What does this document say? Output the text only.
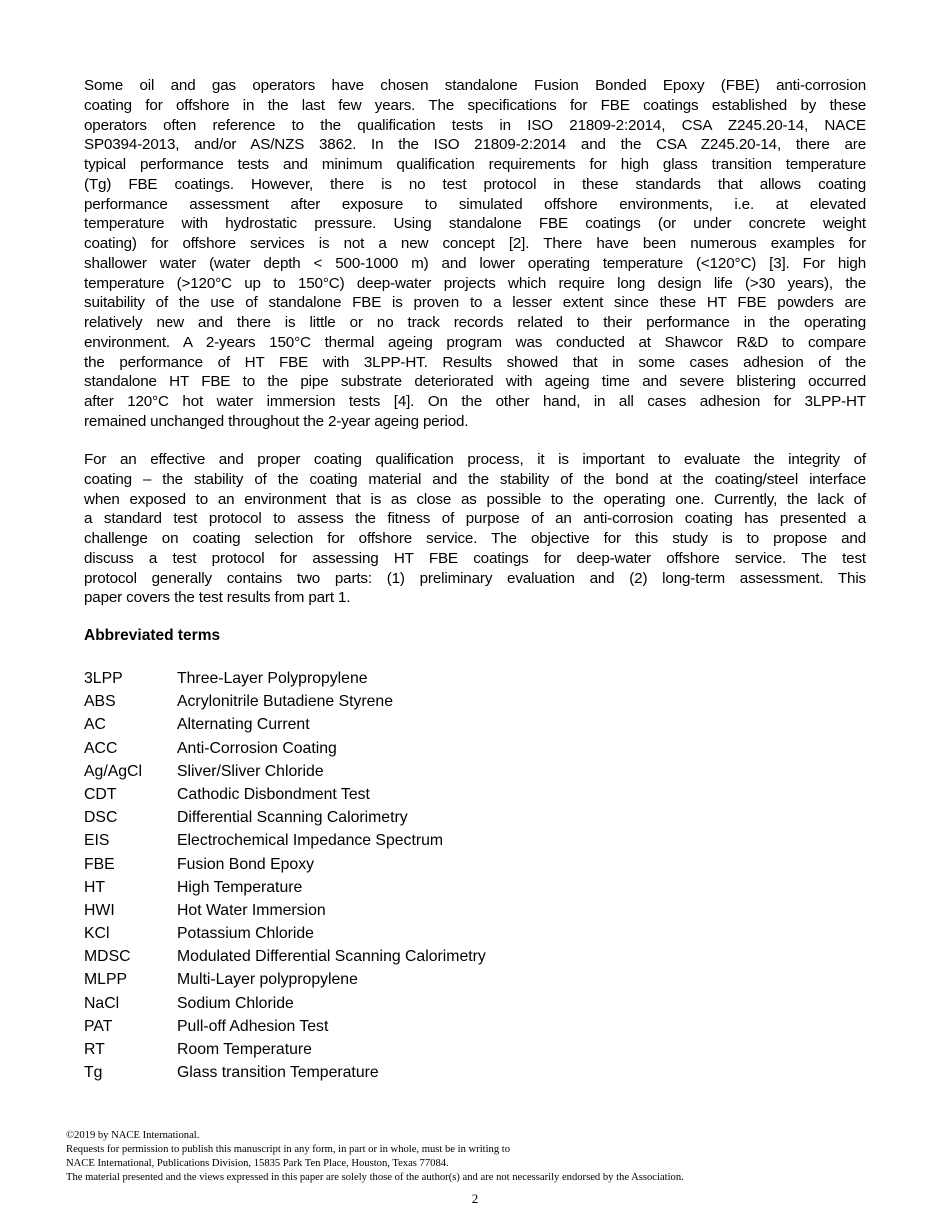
Some oil and gas operators have chosen standalone Fusion Bonded Epoxy (FBE) anti-corrosion
coating for offshore in the last few years. The specifications for FBE coatings established by these
operators often reference to the qualification tests in ISO 21809-2:2014, CSA Z245.20-14, NACE
SP0394-2013, and/or AS/NZS 3862. In the ISO 21809-2:2014 and the CSA Z245.20-14, there are
typical performance tests and minimum qualification requirements for high glass transition temperature
(Tg) FBE coatings. However, there is no test protocol in these standards that allows coating
performance assessment after exposure to simulated offshore environments, i.e. at elevated
temperature with hydrostatic pressure. Using standalone FBE coatings (or under concrete weight
coating) for offshore services is not a new concept [2]. There have been numerous examples for
shallower water (water depth < 500-1000 m) and lower operating temperature (<120°C) [3]. For high
temperature (>120°C up to 150°C) deep-water projects which require long design life (>30 years), the
suitability of the use of standalone FBE is proven to a lesser extent since these HT FBE powders are
relatively new and there is little or no track records related to their performance in the operating
environment. A 2-years 150°C thermal ageing program was conducted at Shawcor R&D to compare
the performance of HT FBE with 3LPP-HT. Results showed that in some cases adhesion of the
standalone HT FBE to the pipe substrate deteriorated with ageing time and severe blistering occurred
after 120°C hot water immersion tests [4]. On the other hand, in all cases adhesion for 3LPP-HT
remained unchanged throughout the 2-year ageing period.
For an effective and proper coating qualification process, it is important to evaluate the integrity of
coating – the stability of the coating material and the stability of the bond at the coating/steel interface
when exposed to an environment that is as close as possible to the operating one. Currently, the lack of
a standard test protocol to assess the fitness of purpose of an anti-corrosion coating has presented a
challenge on coating selection for offshore service. The objective for this study is to propose and
discuss a test protocol for assessing HT FBE coatings for deep-water offshore service. The test
protocol generally contains two parts: (1) preliminary evaluation and (2) long-term assessment. This
paper covers the test results from part 1.
Abbreviated terms
3LPP	Three-Layer Polypropylene
ABS	Acrylonitrile Butadiene Styrene
AC	Alternating Current
ACC	Anti-Corrosion Coating
Ag/AgCl	Sliver/Sliver Chloride
CDT	Cathodic Disbondment Test
DSC	Differential Scanning Calorimetry
EIS	Electrochemical Impedance Spectrum
FBE	Fusion Bond Epoxy
HT	High Temperature
HWI	Hot Water Immersion
KCl	Potassium Chloride
MDSC	Modulated Differential Scanning Calorimetry
MLPP	Multi-Layer polypropylene
NaCl	Sodium Chloride
PAT	Pull-off Adhesion Test
RT	Room Temperature
Tg	Glass transition Temperature
©2019 by NACE International.
Requests for permission to publish this manuscript in any form, in part or in whole, must be in writing to
NACE International, Publications Division, 15835 Park Ten Place, Houston, Texas 77084.
The material presented and the views expressed in this paper are solely those of the author(s) and are not necessarily endorsed by the Association.
2
